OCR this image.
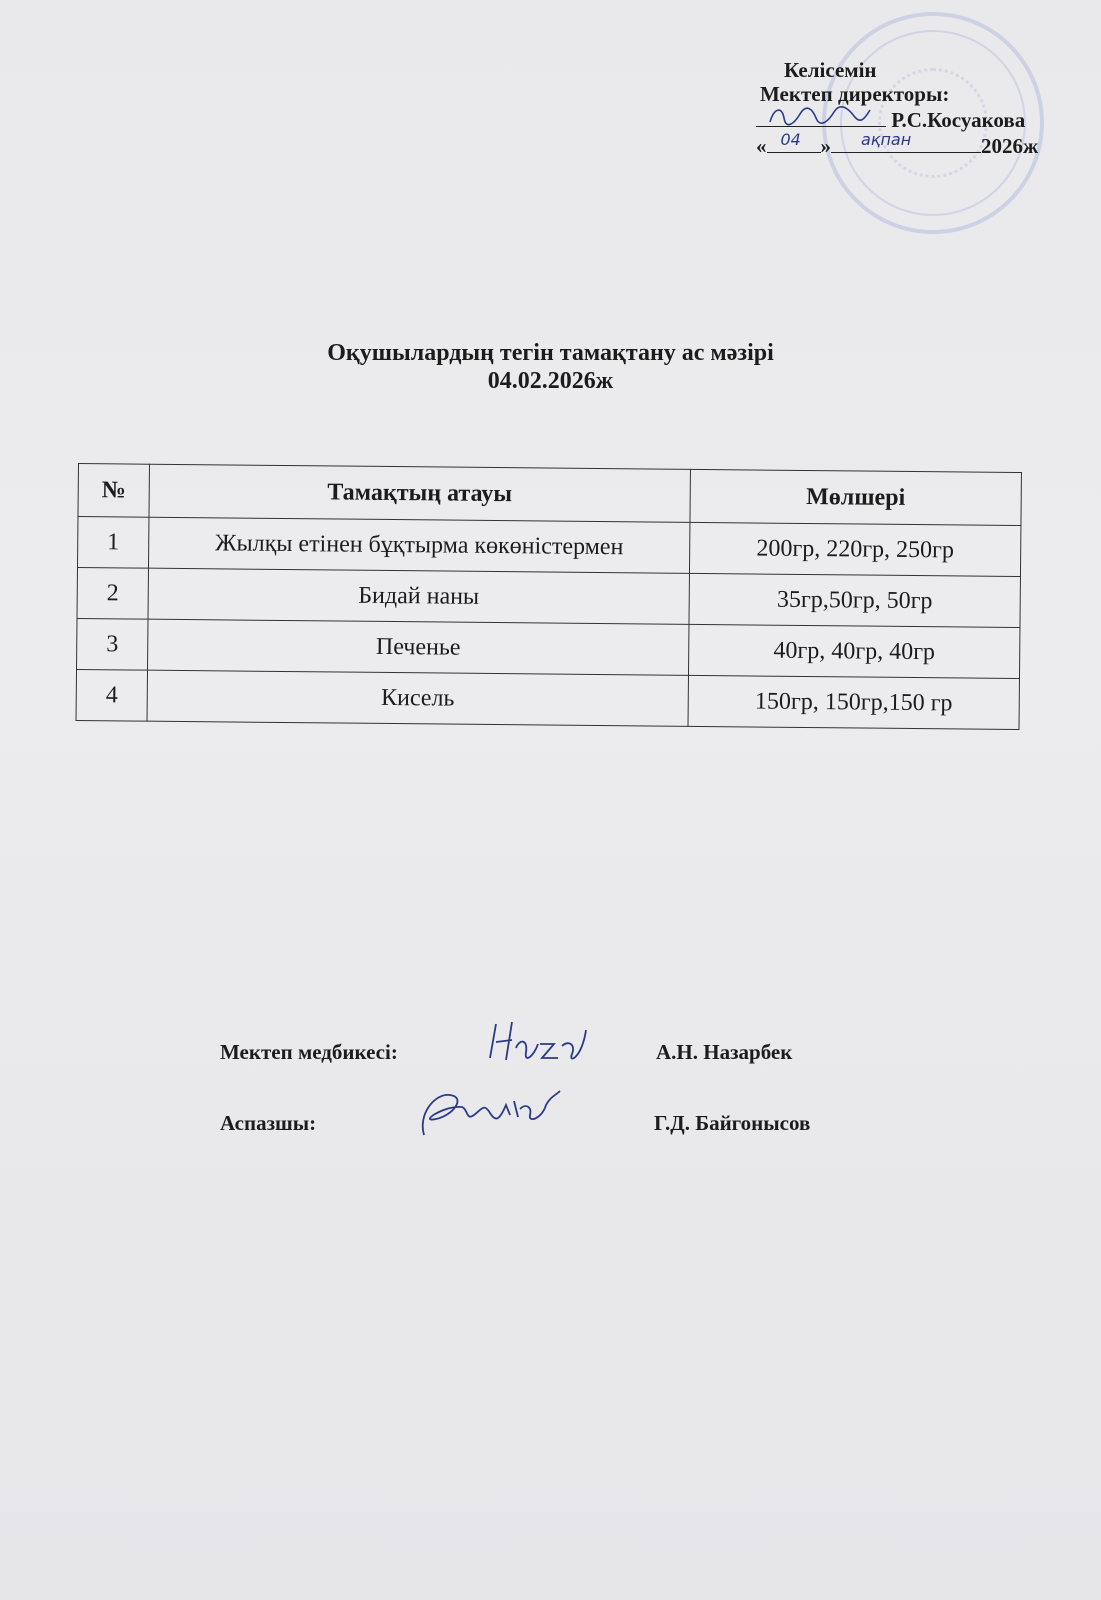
Келісемін
Мектеп директоры:
Р.С.Косуакова
« 04 » ақпан	2026ж
Оқушылардың тегін тамақтану ас мәзірі
04.02.2026ж
№	Тамақтың атауы	Мөлшері
1	Жылқы етінен бұқтырма көкөністермен	200гр, 220гр, 250гр
2	Бидай наны	35гр,50гр, 50гр
3	Печенье	40гр, 40гр, 40гр
4	Кисель	150гр, 150гр,150 гр
Мектеп медбикесі:	А.Н. Назарбек
Аспазшы:	Г.Д. Байгонысов
